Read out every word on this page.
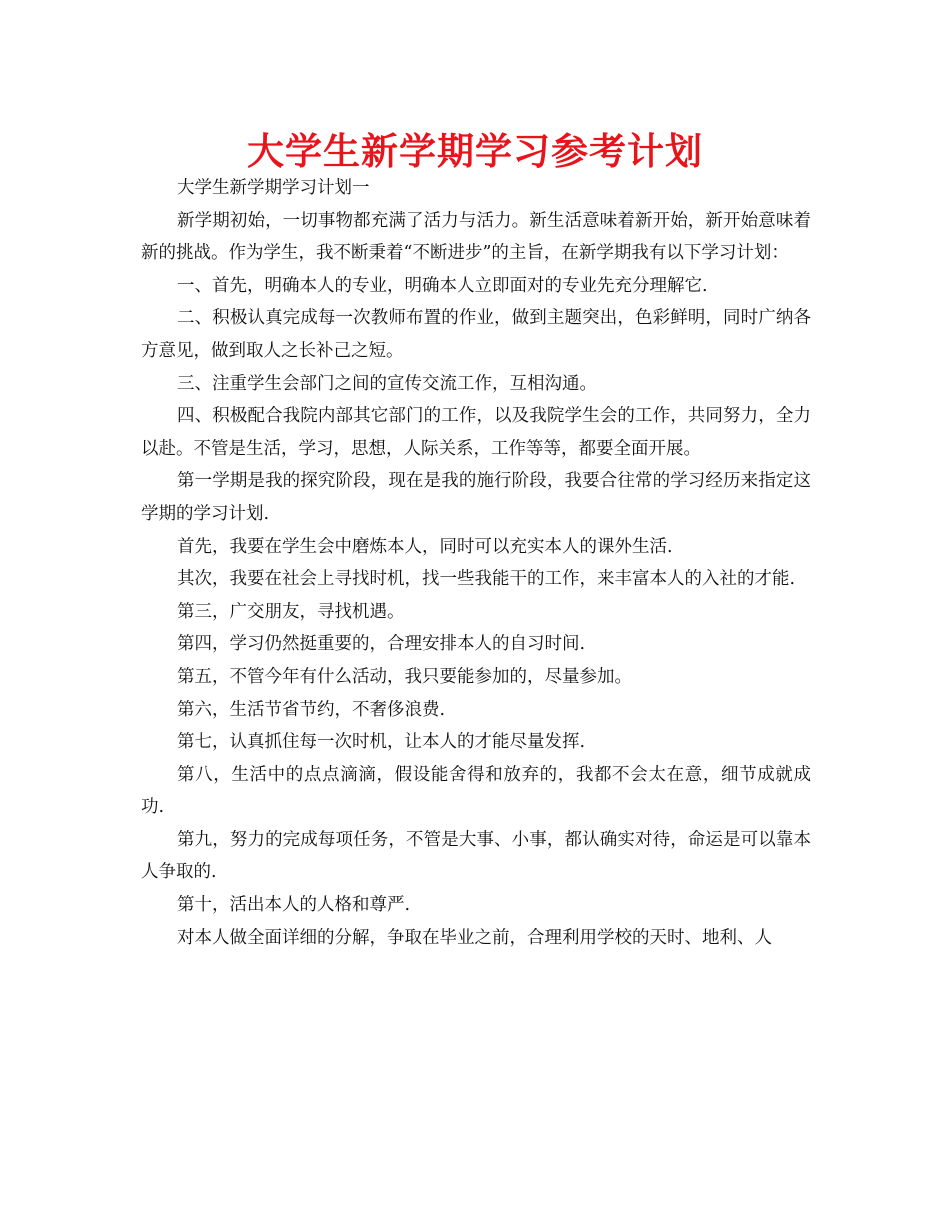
大学生新学期学习参考计划

大学生新学期学习计划一

新学期初始，一切事物都充满了活力与活力。新生活意味着新开始，新开始意味着新的挑战。作为学生，我不断秉着“不断进步”的主旨，在新学期我有以下学习计划：

一、首先，明确本人的专业，明确本人立即面对的专业先充分理解它.

二、积极认真完成每一次教师布置的作业，做到主题突出，色彩鲜明，同时广纳各方意见，做到取人之长补己之短。

三、注重学生会部门之间的宣传交流工作，互相沟通。

四、积极配合我院内部其它部门的工作，以及我院学生会的工作，共同努力，全力以赴。不管是生活，学习，思想，人际关系，工作等等，都要全面开展。

第一学期是我的探究阶段，现在是我的施行阶段，我要合往常的学习经历来指定这学期的学习计划.

首先，我要在学生会中磨炼本人，同时可以充实本人的课外生活.

其次，我要在社会上寻找时机，找一些我能干的工作，来丰富本人的入社的才能.

第三，广交朋友，寻找机遇。

第四，学习仍然挺重要的，合理安排本人的自习时间.

第五，不管今年有什么活动，我只要能参加的，尽量参加。

第六，生活节省节约，不奢侈浪费.

第七，认真抓住每一次时机，让本人的才能尽量发挥.

第八，生活中的点点滴滴，假设能舍得和放弃的，我都不会太在意，细节成就成功.

第九，努力的完成每项任务，不管是大事、小事，都认确实对待，命运是可以靠本人争取的.

第十，活出本人的人格和尊严.

对本人做全面详细的分解，争取在毕业之前，合理利用学校的天时、地利、人
